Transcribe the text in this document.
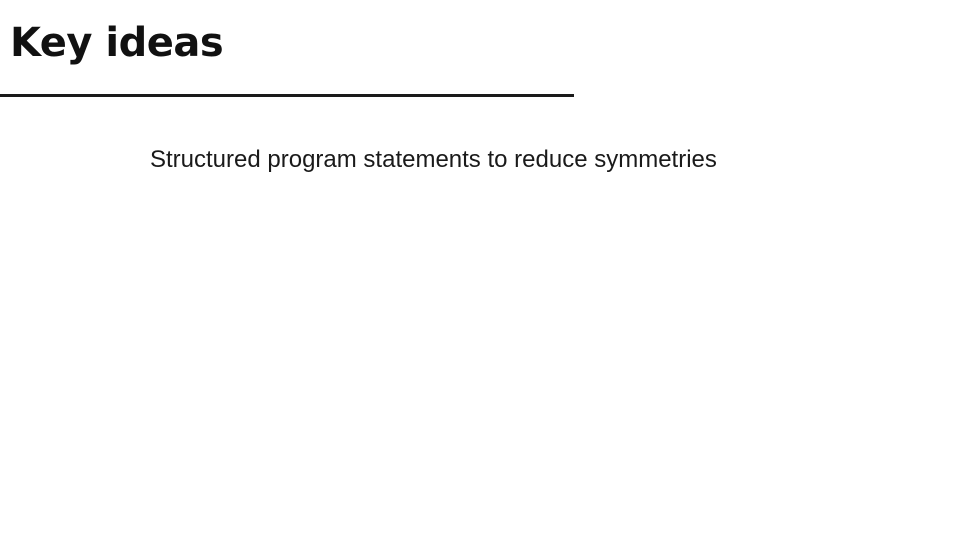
Key ideas
Structured program statements to reduce symmetries
